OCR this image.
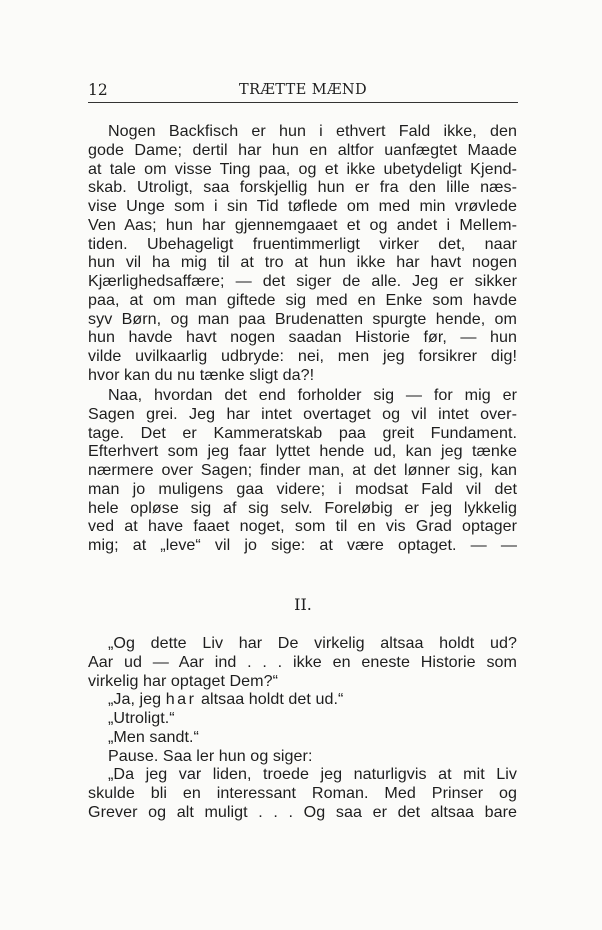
12	TRÆTTE MÆND
Nogen Backfisch er hun i ethvert Fald ikke, den
gode Dame; dertil har hun en altfor uanfægtet Maade
at tale om visse Ting paa, og et ikke ubetydeligt Kjend-
skab. Utroligt, saa forskjellig hun er fra den lille næs-
vise Unge som i sin Tid tøflede om med min vrøvlede
Ven Aas; hun har gjennemgaaet et og andet i Mellem-
tiden. Ubehageligt fruentimmerligt virker det, naar
hun vil ha mig til at tro at hun ikke har havt nogen
Kjærlighedsaffære; — det siger de alle. Jeg er sikker
paa, at om man giftede sig med en Enke som havde
syv Børn, og man paa Brudenatten spurgte hende, om
hun havde havt nogen saadan Historie før, — hun
vilde uvilkaarlig udbryde: nei, men jeg forsikrer dig!
hvor kan du nu tænke sligt da?!
Naa, hvordan det end forholder sig — for mig er
Sagen grei. Jeg har intet overtaget og vil intet over-
tage. Det er Kammeratskab paa greit Fundament.
Efterhvert som jeg faar lyttet hende ud, kan jeg tænke
nærmere over Sagen; finder man, at det lønner sig, kan
man jo muligens gaa videre; i modsat Fald vil det
hele opløse sig af sig selv. Foreløbig er jeg lykkelig
ved at have faaet noget, som til en vis Grad optager
mig; at „leve“ vil jo sige: at være optaget. — —
II.
„Og dette Liv har De virkelig altsaa holdt ud?
Aar ud — Aar ind . . . ikke en eneste Historie som
virkelig har optaget Dem?“
„Ja, jeg har altsaa holdt det ud.“
„Utroligt.“
„Men sandt.“
Pause. Saa ler hun og siger:
„Da jeg var liden, troede jeg naturligvis at mit Liv
skulde bli en interessant Roman. Med Prinser og
Grever og alt muligt . . . Og saa er det altsaa bare
